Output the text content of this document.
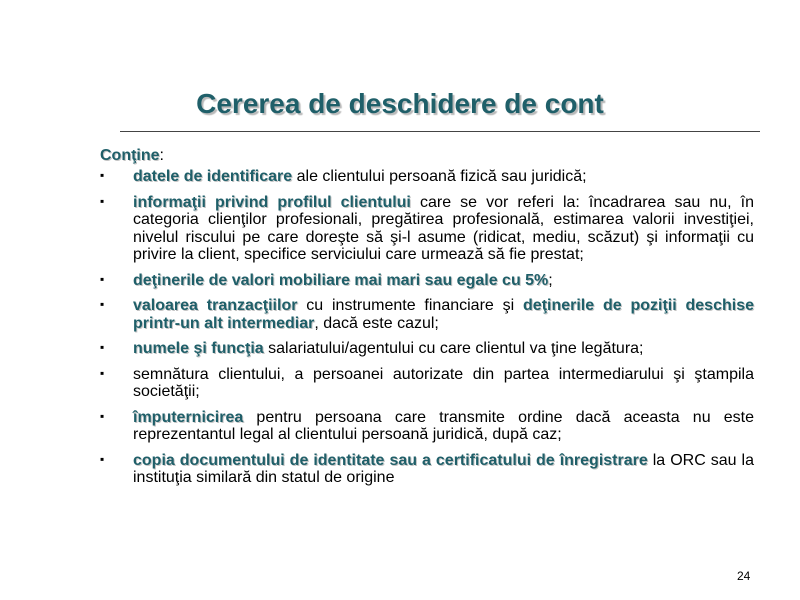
Cererea de deschidere de cont

Conţine:

▪ datele de identificare ale clientului persoană fizică sau juridică;
▪ informaţii privind profilul clientului care se vor referi la: încadrarea sau nu, în categoria clienţilor profesionali, pregătirea profesională, estimarea valorii investiţiei, nivelul riscului pe care doreşte să şi-l asume (ridicat, mediu, scăzut) şi informaţii cu privire la client, specifice serviciului care urmează să fie prestat;
▪ deţinerile de valori mobiliare mai mari sau egale cu 5%;
▪ valoarea tranzacţiilor cu instrumente financiare şi deţinerile de poziţii deschise printr-un alt intermediar, dacă este cazul;
▪ numele şi funcţia salariatului/agentului cu care clientul va ţine legătura;
▪ semnătura clientului, a persoanei autorizate din partea intermediarului şi ştampila societăţii;
▪ împuternicirea pentru persoana care transmite ordine dacă aceasta nu este reprezentantul legal al clientului persoană juridică, după caz;
▪ copia documentului de identitate sau a certificatului de înregistrare la ORC sau la instituţia similară din statul de origine
24
